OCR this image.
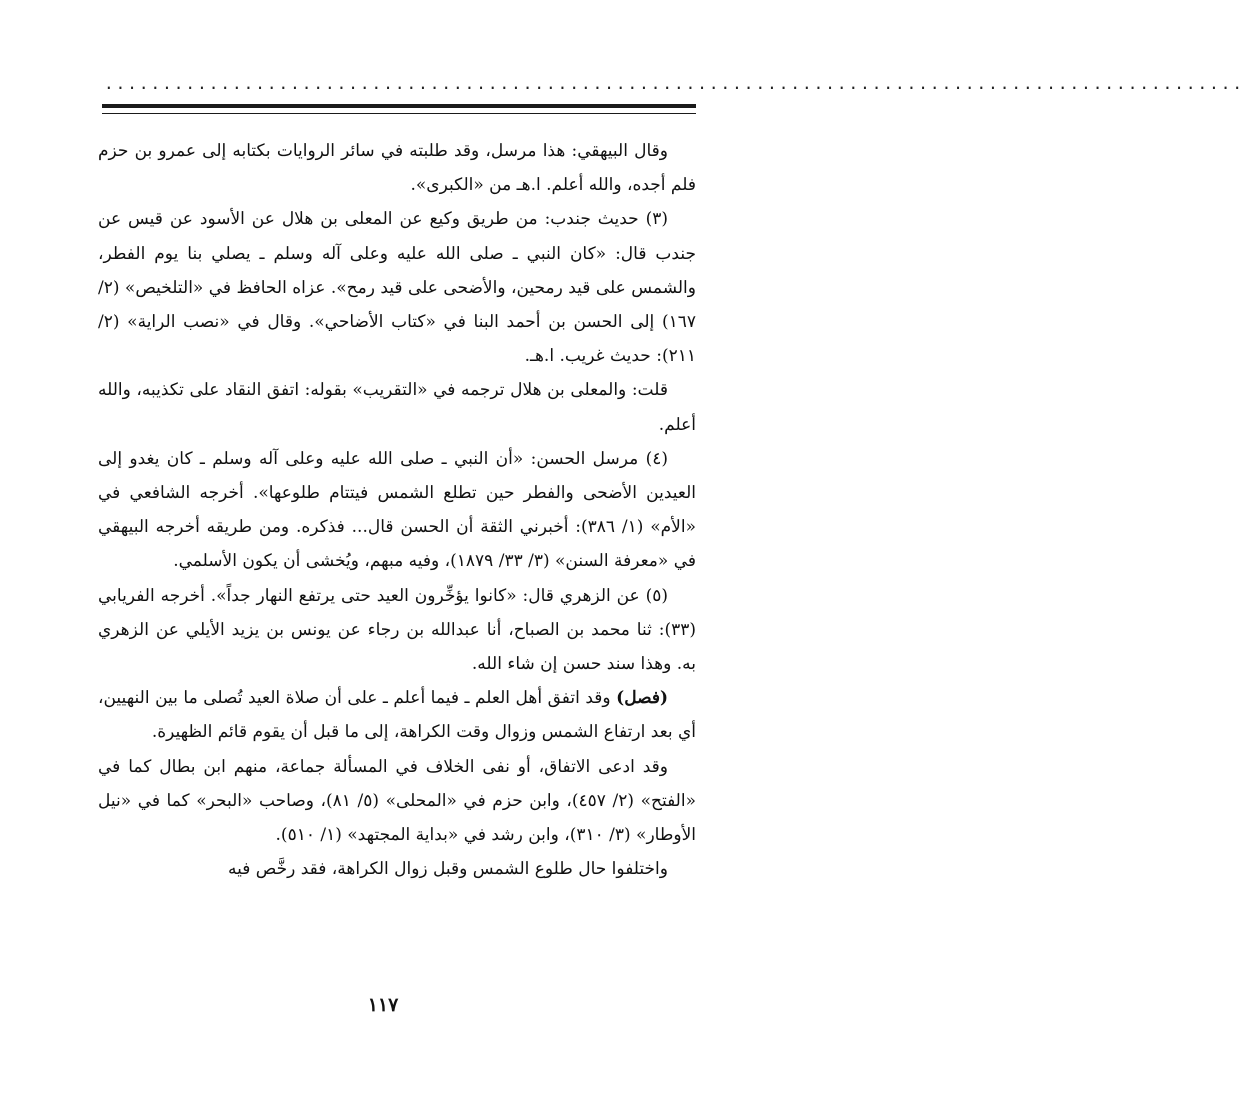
..................................................................................................
وقال البيهقي: هذا مرسل، وقد طلبته في سائر الروايات بكتابه إلى عمرو بن حزم فلم أجده، والله أعلم. ا.هـ من «الكبرى».
(٣) حديث جندب: من طريق وكيع عن المعلى بن هلال عن الأسود عن قيس عن جندب قال: «كان النبي ـ صلى الله عليه وعلى آله وسلم ـ يصلي بنا يوم الفطر، والشمس على قيد رمحين، والأضحى على قيد رمح». عزاه الحافظ في «التلخيص» (٢/ ١٦٧) إلى الحسن بن أحمد البنا في «كتاب الأضاحي». وقال في «نصب الراية» (٢/ ٢١١): حديث غريب. ا.هـ.
قلت: والمعلى بن هلال ترجمه في «التقريب» بقوله: اتفق النقاد على تكذيبه، والله أعلم.
(٤) مرسل الحسن: «أن النبي ـ صلى الله عليه وعلى آله وسلم ـ كان يغدو إلى العيدين الأضحى والفطر حين تطلع الشمس فيتتام طلوعها». أخرجه الشافعي في «الأم» (١/ ٣٨٦): أخبرني الثقة أن الحسن قال... فذكره. ومن طريقه أخرجه البيهقي في «معرفة السنن» (٣/ ٣٣/ ١٨٧٩)، وفيه مبهم، ويُخشى أن يكون الأسلمي.
(٥) عن الزهري قال: «كانوا يؤخِّرون العيد حتى يرتفع النهار جداً». أخرجه الفريابي (٣٣): ثنا محمد بن الصباح، أنا عبدالله بن رجاء عن يونس بن يزيد الأيلي عن الزهري به. وهذا سند حسن إن شاء الله.
(فصل) وقد اتفق أهل العلم ـ فيما أعلم ـ على أن صلاة العيد تُصلى ما بين النهيين، أي بعد ارتفاع الشمس وزوال وقت الكراهة، إلى ما قبل أن يقوم قائم الظهيرة.
وقد ادعى الاتفاق، أو نفى الخلاف في المسألة جماعة، منهم ابن بطال كما في «الفتح» (٢/ ٤٥٧)، وابن حزم في «المحلى» (٥/ ٨١)، وصاحب «البحر» كما في «نيل الأوطار» (٣/ ٣١٠)، وابن رشد في «بداية المجتهد» (١/ ٥١٠).
واختلفوا حال طلوع الشمس وقبل زوال الكراهة، فقد رخَّص فيه
١١٧
